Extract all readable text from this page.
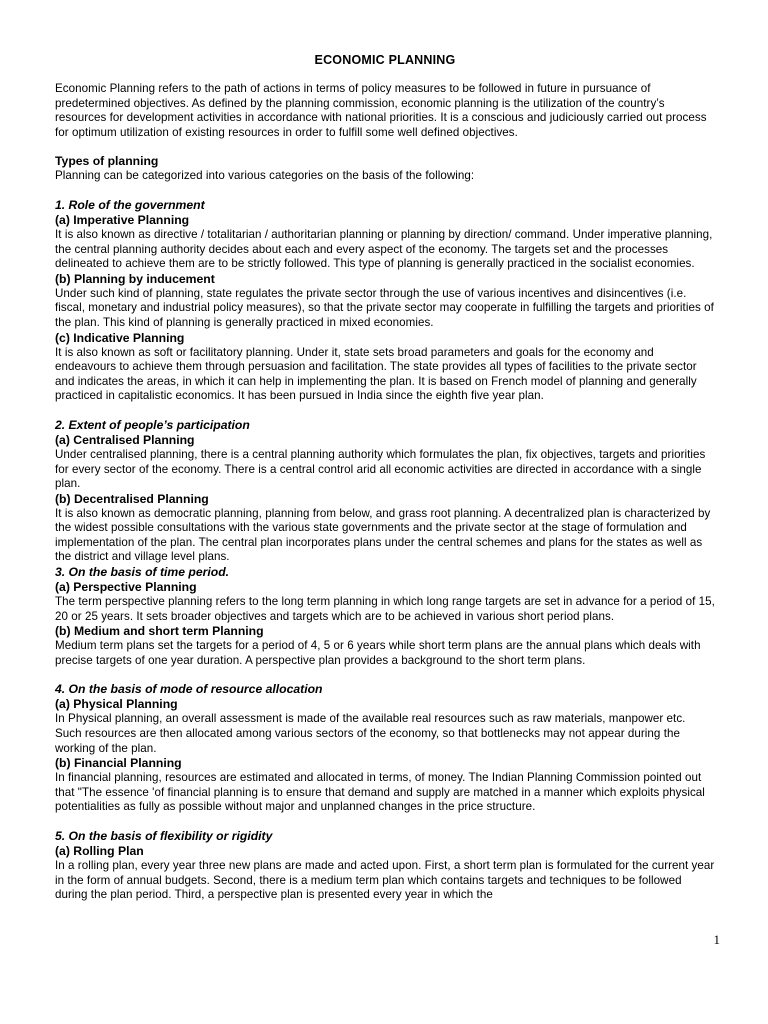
ECONOMIC PLANNING

Economic Planning refers to the path of actions in terms of policy measures to be followed in future in pursuance of predetermined objectives. As defined by the planning commission, economic planning is the utilization of the country’s resources for development activities in accordance with national priorities. It is a conscious and judiciously carried out process for optimum utilization of existing resources in order to fulfill some well defined objectives.

Types of planning

Planning can be categorized into various categories on the basis of the following:

1. Role of the government

(a) Imperative Planning

It is also known as directive / totalitarian / authoritarian planning or planning by direction/ command. Under imperative planning, the central planning authority decides about each and every aspect of the economy. The targets set and the processes delineated to achieve them are to be strictly followed. This type of planning is generally practiced in the socialist economies.

(b) Planning by inducement

Under such kind of planning, state regulates the private sector through the use of various incentives and disincentives (i.e. fiscal, monetary and industrial policy measures), so that the private sector may cooperate in fulfilling the targets and priorities of the plan. This kind of planning is generally practiced in mixed economies.

(c) Indicative Planning

It is also known as soft or facilitatory planning. Under it, state sets broad parameters and goals for the economy and endeavours to achieve them through persuasion and facilitation. The state provides all types of facilities to the private sector and indicates the areas, in which it can help in implementing the plan. It is based on French model of planning and generally practiced in capitalistic economics. It has been pursued in India since the eighth five year plan.

2. Extent of people’s participation

(a) Centralised Planning

Under centralised planning, there is a central planning authority which formulates the plan, fix objectives, targets and priorities for every sector of the economy. There is a central control arid all economic activities are directed in accordance with a single plan.

(b) Decentralised Planning

It is also known as democratic planning, planning from below, and grass root planning. A decentralized plan is characterized by the widest possible consultations with the various state governments and the private sector at the stage of formulation and implementation of the plan. The central plan incorporates plans under the central schemes and plans for the states as well as the district and village level plans.

3. On the basis of time period.

(a) Perspective Planning

The term perspective planning refers to the long term planning in which long range targets are set in advance for a period of 15, 20 or 25 years. It sets broader objectives and targets which are to be achieved in various short period plans.

(b) Medium and short term Planning

Medium term plans set the targets for a period of 4, 5 or 6 years while short term plans are the annual plans which deals with precise targets of one year duration. A perspective plan provides a background to the short term plans.

4. On the basis of mode of resource allocation

(a) Physical Planning

In Physical planning, an overall assessment is made of the available real resources such as raw materials, manpower etc. Such resources are then allocated among various sectors of the economy, so that bottlenecks may not appear during the working of the plan.

(b) Financial Planning

In financial planning, resources are estimated and allocated in terms, of money. The Indian Planning Commission pointed out that "The essence 'of financial planning is to ensure that demand and supply are matched in a manner which exploits physical potentialities as fully as possible without major and unplanned changes in the price structure.

5. On the basis of flexibility or rigidity

(a) Rolling Plan

In a rolling plan, every year three new plans are made and acted upon. First, a short term plan is formulated for the current year in the form of annual budgets. Second, there is a medium term plan which contains targets and techniques to be followed during the plan period. Third, a perspective plan is presented every year in which the

1
